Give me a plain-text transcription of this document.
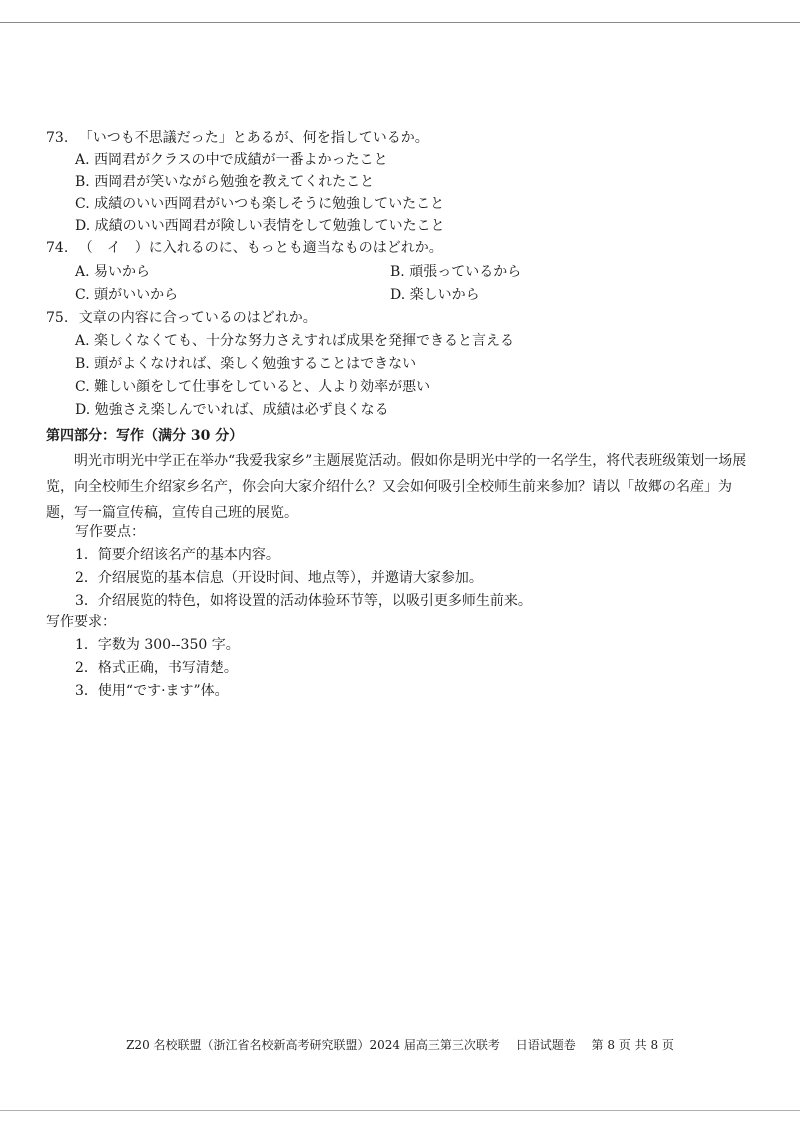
73. 「いつも不思議だった」とあるが、何を指しているか。
A. 西岡君がクラスの中で成績が一番よかったこと
B. 西岡君が笑いながら勉強を教えてくれたこと
C. 成績のいい西岡君がいつも楽しそうに勉強していたこと
D. 成績のいい西岡君が険しい表情をして勉強していたこと
74. （　イ　）に入れるのに、もっとも適当なものはどれか。
A. 易いから	B. 頑張っているから
C. 頭がいいから	D. 楽しいから
75. 文章の内容に合っているのはどれか。
A. 楽しくなくても、十分な努力さえすれば成果を発揮できると言える
B. 頭がよくなければ、楽しく勉強することはできない
C. 難しい顔をして仕事をしていると、人より効率が悪い
D. 勉強さえ楽しんでいれば、成績は必ず良くなる
第四部分：写作（满分 30 分）
明光市明光中学正在举办“我爱我家乡”主题展览活动。假如你是明光中学的一名学生，将代表班级策划一场展览，向全校师生介绍家乡名产，你会向大家介绍什么？又会如何吸引全校师生前来参加？请以「故郷の名産」为题，写一篇宣传稿，宣传自己班的展览。
写作要点：
1．简要介绍该名产的基本内容。
2．介绍展览的基本信息（开设时间、地点等），并邀请大家参加。
3．介绍展览的特色，如将设置的活动体验环节等，以吸引更多师生前来。
写作要求：
1．字数为 300--350 字。
2．格式正确，书写清楚。
3．使用“です·ます”体。
Z20 名校联盟（浙江省名校新高考研究联盟）2024 届高三第三次联考 日语试题卷 第 8 页 共 8 页
